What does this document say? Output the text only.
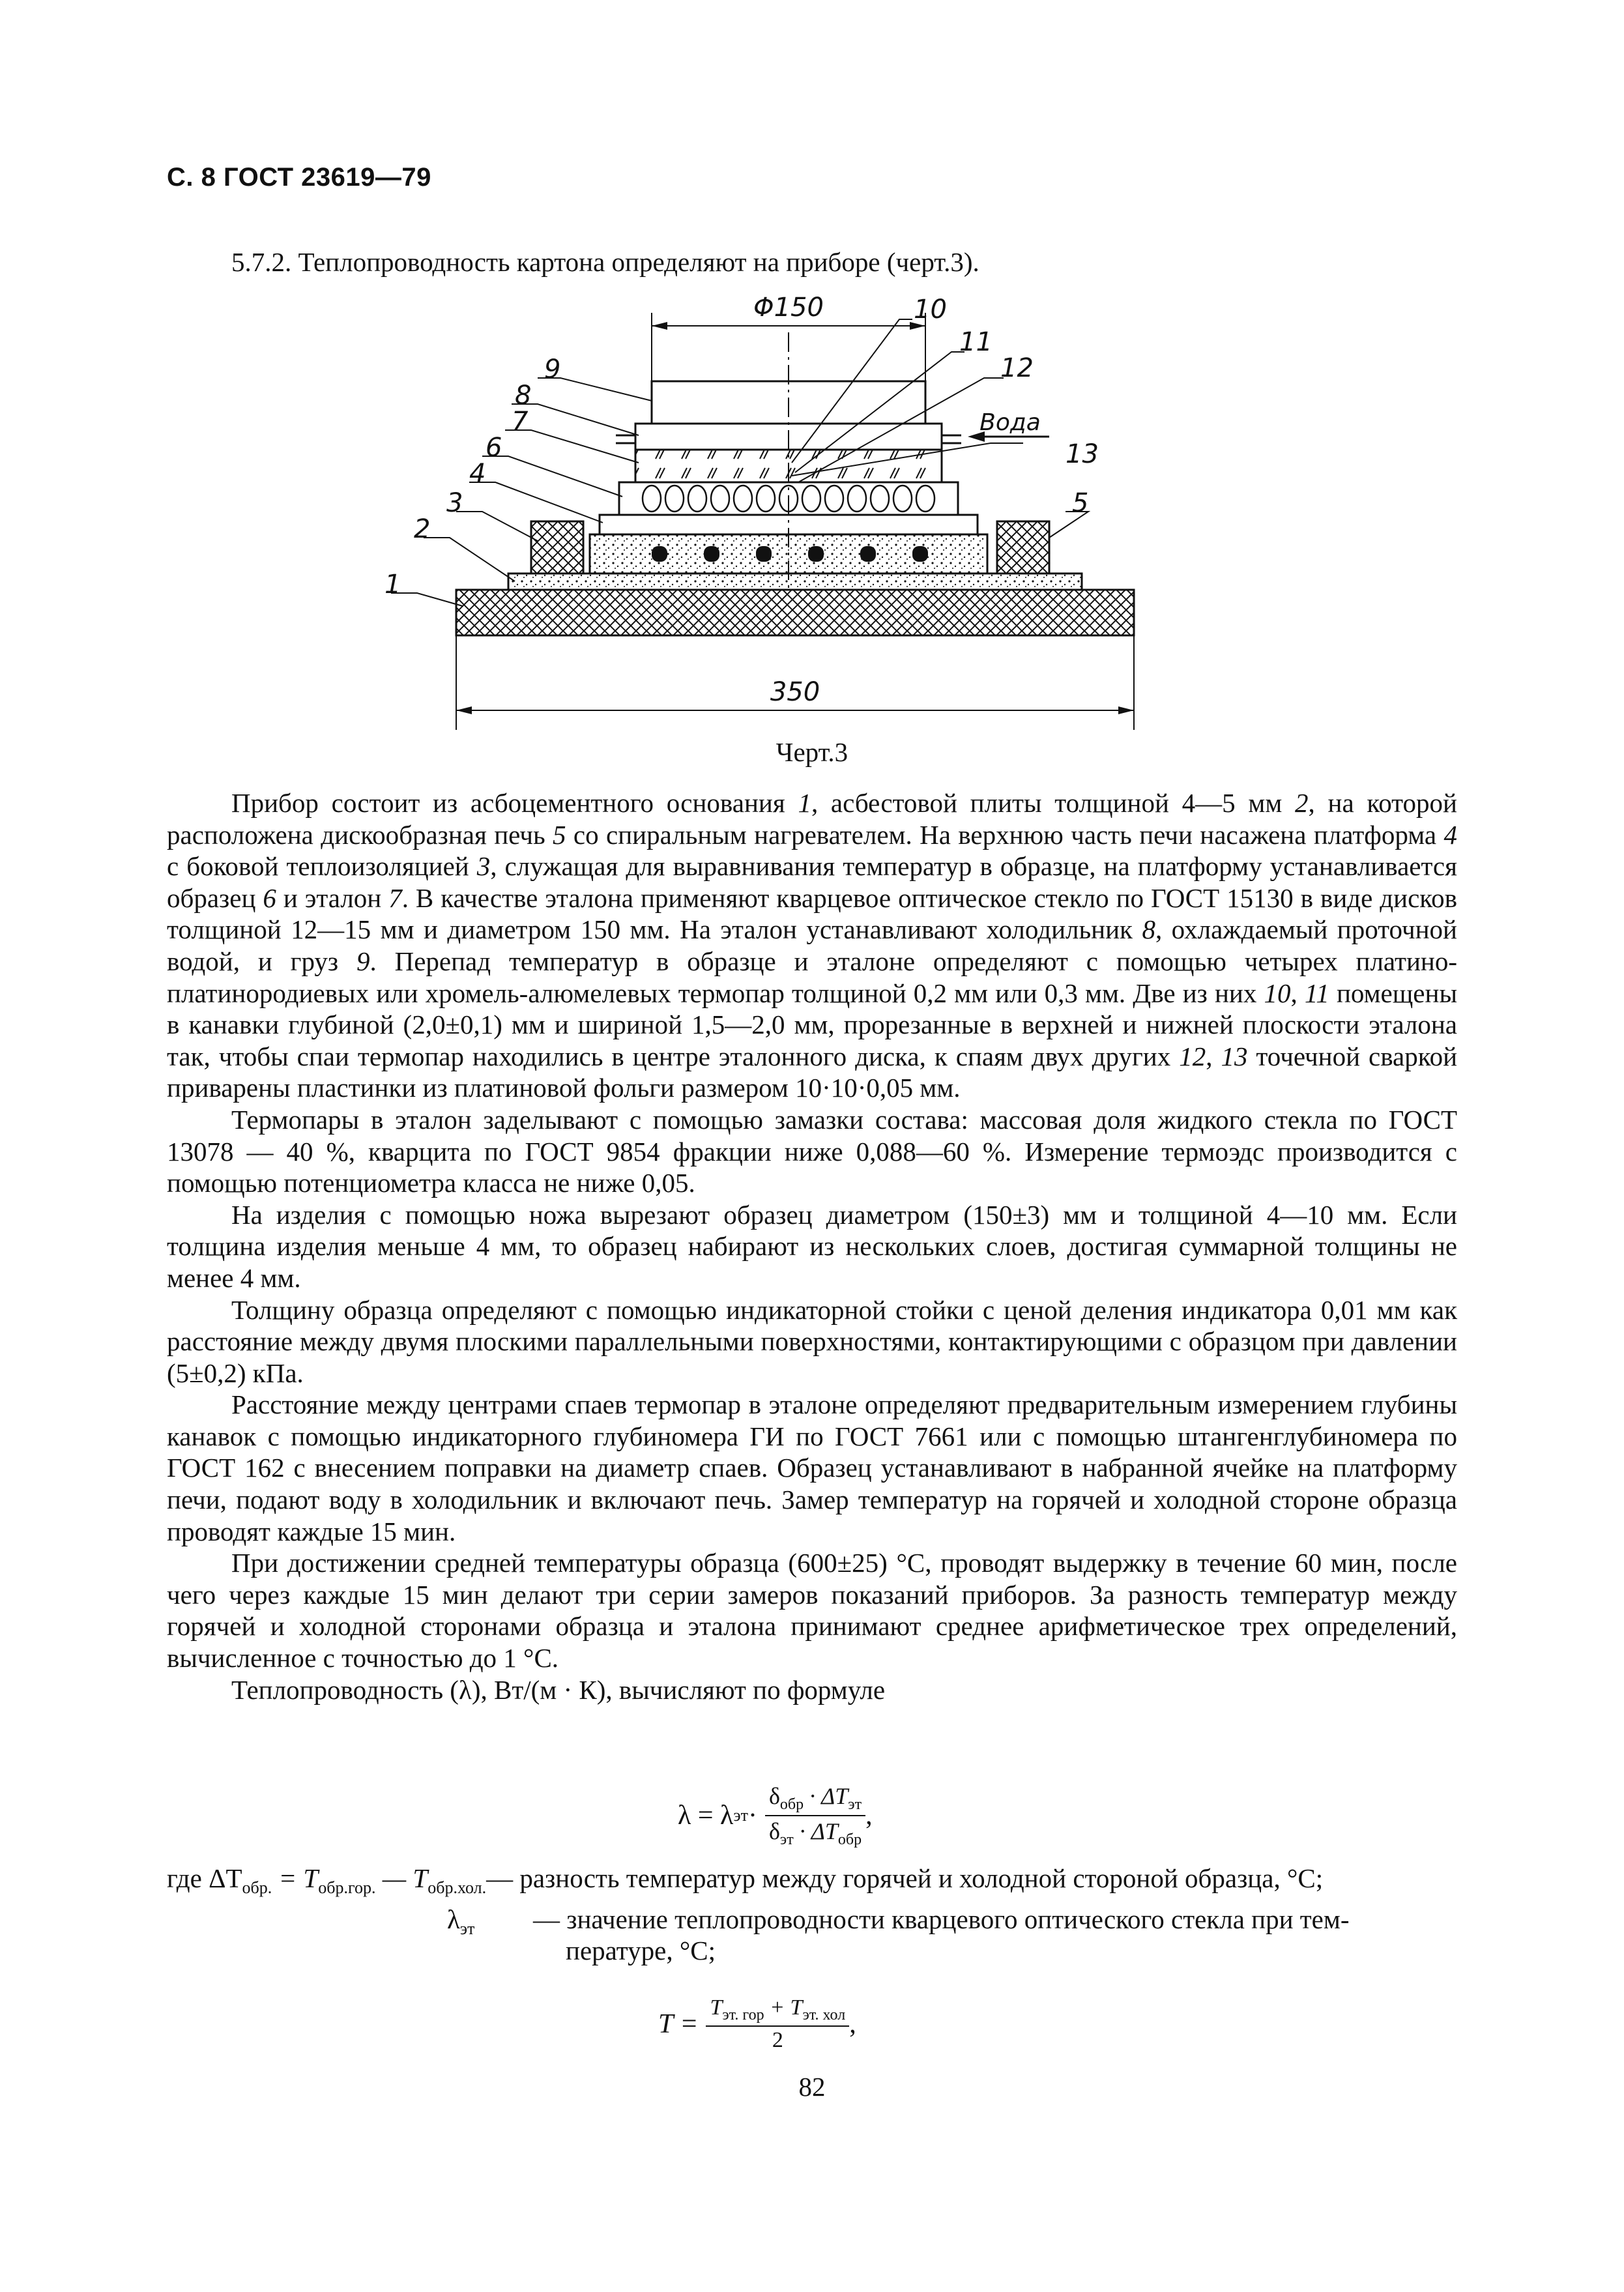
С. 8 ГОСТ 23619—79
5.7.2. Теплопроводность картона определяют на приборе (черт.3).
Φ150
350
Вода
1
2
3
4
5
6
7
8
9
10
11
12
13
Черт.3

Прибор состоит из асбоцементного основания 1, асбестовой плиты толщиной 4—5 мм 2, на которой расположена дискообразная печь 5 со спиральным нагревателем. На верхнюю часть печи насажена платформа 4 с боковой теплоизоляцией 3, служащая для выравнивания температур в образце, на платформу устанавливается образец 6 и эталон 7. В качестве эталона применяют кварцевое оптическое стекло по ГОСТ 15130 в виде дисков толщиной 12—15 мм и диаметром 150 мм. На эталон устанавливают холодильник 8, охлаждаемый проточной водой, и груз 9. Перепад температур в образце и эталоне определяют с помощью четырех платино-платинородиевых или хромель-алюмелевых термопар толщиной 0,2 мм или 0,3 мм. Две из них 10, 11 помещены в канавки глубиной (2,0±0,1) мм и шириной 1,5—2,0 мм, прорезанные в верхней и нижней плоскости эталона так, чтобы спаи термопар находились в центре эталонного диска, к спаям двух других 12, 13 точечной сваркой приварены пластинки из платиновой фольги размером 10·10·0,05 мм.

Термопары в эталон заделывают с помощью замазки состава: массовая доля жидкого стекла по ГОСТ 13078 — 40 %, кварцита по ГОСТ 9854 фракции ниже 0,088—60 %. Измерение термоэдс производится с помощью потенциометра класса не ниже 0,05.

На изделия с помощью ножа вырезают образец диаметром (150±3) мм и толщиной 4—10 мм. Если толщина изделия меньше 4 мм, то образец набирают из нескольких слоев, достигая суммарной толщины не менее 4 мм.

Толщину образца определяют с помощью индикаторной стойки с ценой деления индикатора 0,01 мм как расстояние между двумя плоскими параллельными поверхностями, контактирующими с образцом при давлении (5±0,2) кПа.

Расстояние между центрами спаев термопар в эталоне определяют предварительным измерением глубины канавок с помощью индикаторного глубиномера ГИ по ГОСТ 7661 или с помощью штангенглубиномера по ГОСТ 162 с внесением поправки на диаметр спаев. Образец устанавливают в набранной ячейке на платформу печи, подают воду в холодильник и включают печь. Замер температур на горячей и холодной стороне образца проводят каждые 15 мин.

При достижении средней температуры образца (600±25) °С, проводят выдержку в течение 60 мин, после чего через каждые 15 мин делают три серии замеров показаний приборов. За разность температур между горячей и холодной сторонами образца и эталона принимают среднее арифметическое трех определений, вычисленное с точностью до 1 °С.

Теплопроводность (λ), Вт/(м · К), вычисляют по формуле

λ = λ эт · $\frac{\delta_{обр} \cdot \Delta T_{эт}}{\delta_{эт} \cdot \Delta T_{обр}}$ ,
где $\Delta T_{обр.} = T_{обр.гор.}$ — $T_{обр.хол.}$ — разность температур между горячей и холодной стороной образца, °С;
$\lambda_{эт}$ — значение теплопроводности кварцевого оптического стекла при тем-
пературе, °С;
$T = \frac{T_{эт. гор} + T_{эт. хол}}{2}$ ,
82
